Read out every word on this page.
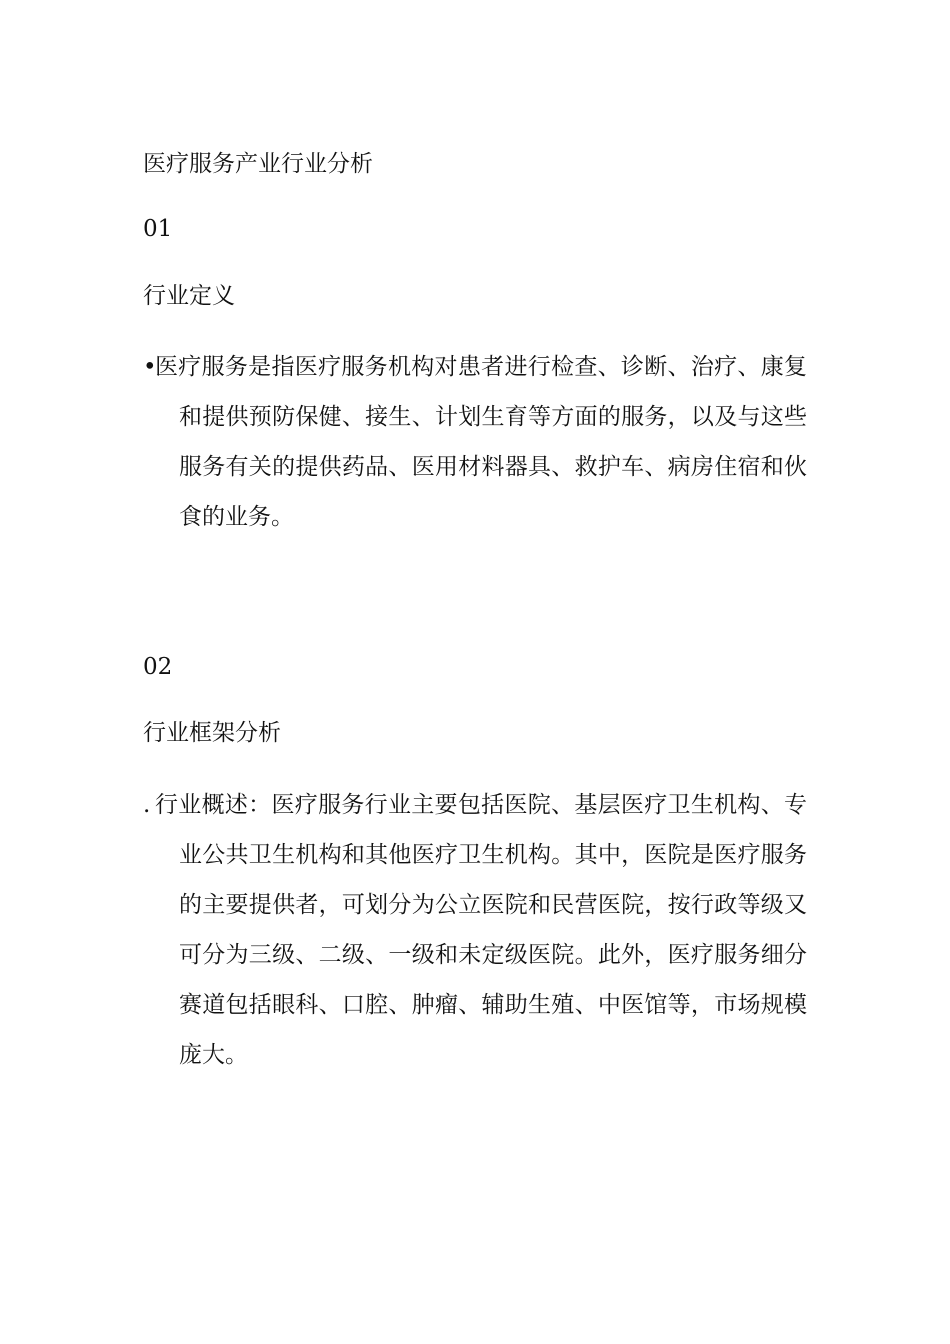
医疗服务产业行业分析
01
行业定义
•
医疗服务是指医疗服务机构对患者进行检查、诊断、治疗、康复和提供预防保健、接生、计划生育等方面的服务，以及与这些服务有关的提供药品、医用材料器具、救护车、病房住宿和伙食的业务。
02
行业框架分析
. 行业概述：医疗服务行业主要包括医院、基层医疗卫生机构、专业公共卫生机构和其他医疗卫生机构。其中，医院是医疗服务的主要提供者，可划分为公立医院和民营医院，按行政等级又可分为三级、二级、一级和未定级医院。此外，医疗服务细分赛道包括眼科、口腔、肿瘤、辅助生殖、中医馆等，市场规模庞大。
